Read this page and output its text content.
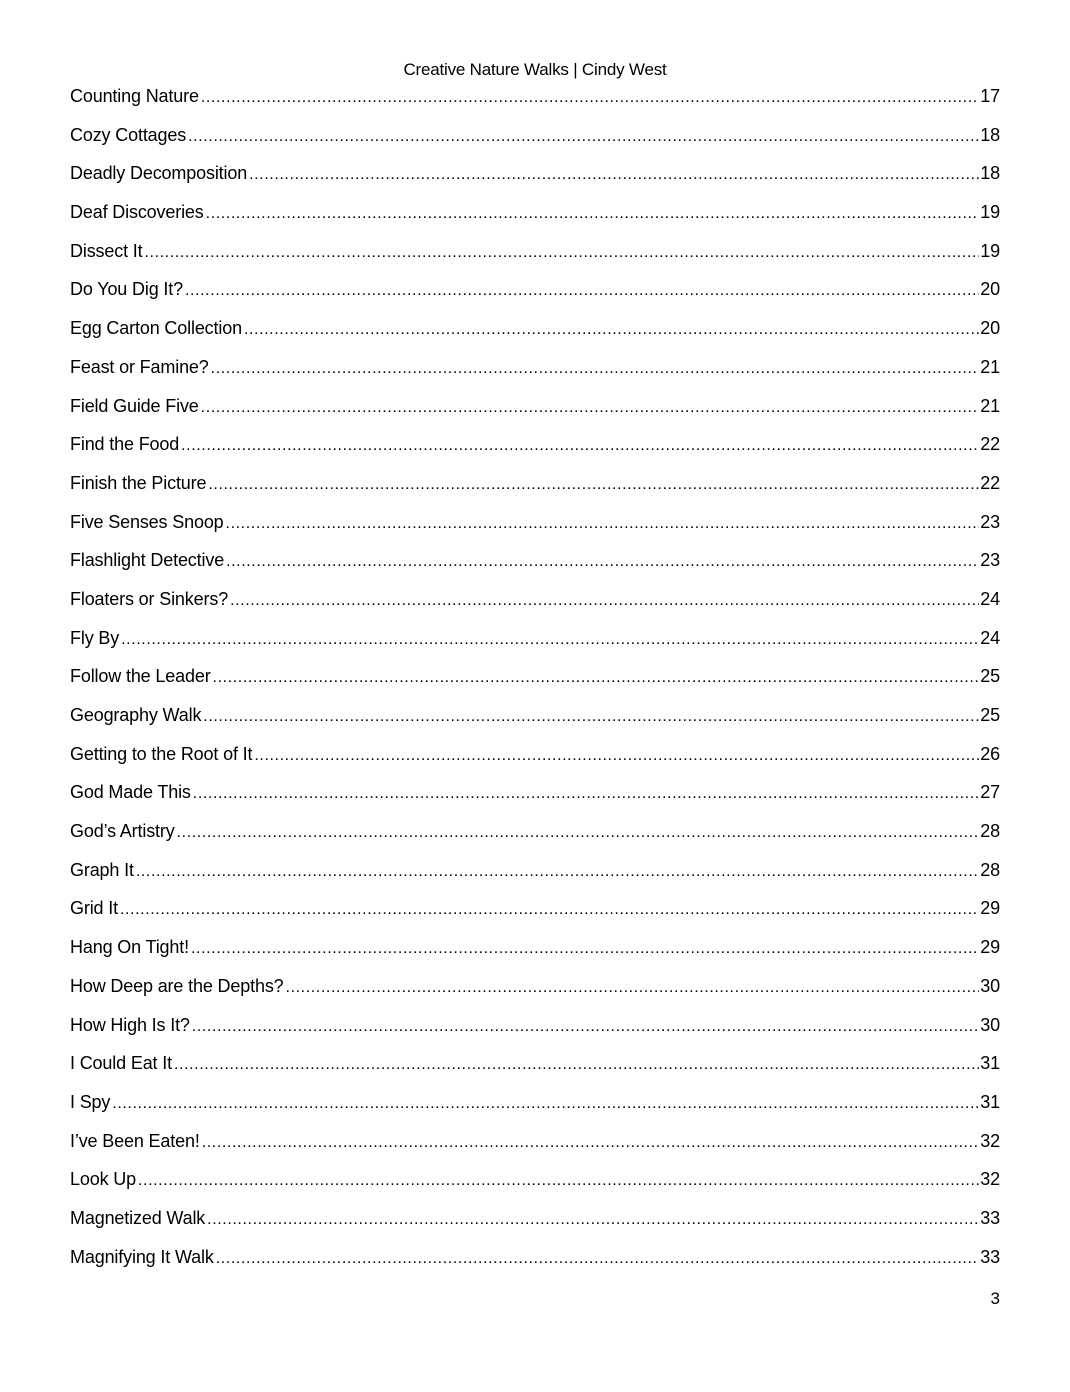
Creative Nature Walks | Cindy West
Counting Nature .....	17
Cozy Cottages .....	18
Deadly Decomposition .....	18
Deaf Discoveries .....	19
Dissect It .....	19
Do You Dig It? .....	20
Egg Carton Collection .....	20
Feast or Famine? .....	21
Field Guide Five .....	21
Find the Food .....	22
Finish the Picture .....	22
Five Senses Snoop .....	23
Flashlight Detective .....	23
Floaters or Sinkers? .....	24
Fly By .....	24
Follow the Leader .....	25
Geography Walk .....	25
Getting to the Root of It .....	26
God Made This .....	27
God’s Artistry .....	28
Graph It .....	28
Grid It .....	29
Hang On Tight! .....	29
How Deep are the Depths? .....	30
How High Is It? .....	30
I Could Eat It .....	31
I Spy .....	31
I’ve Been Eaten! .....	32
Look Up .....	32
Magnetized Walk .....	33
Magnifying It Walk .....	33
3
